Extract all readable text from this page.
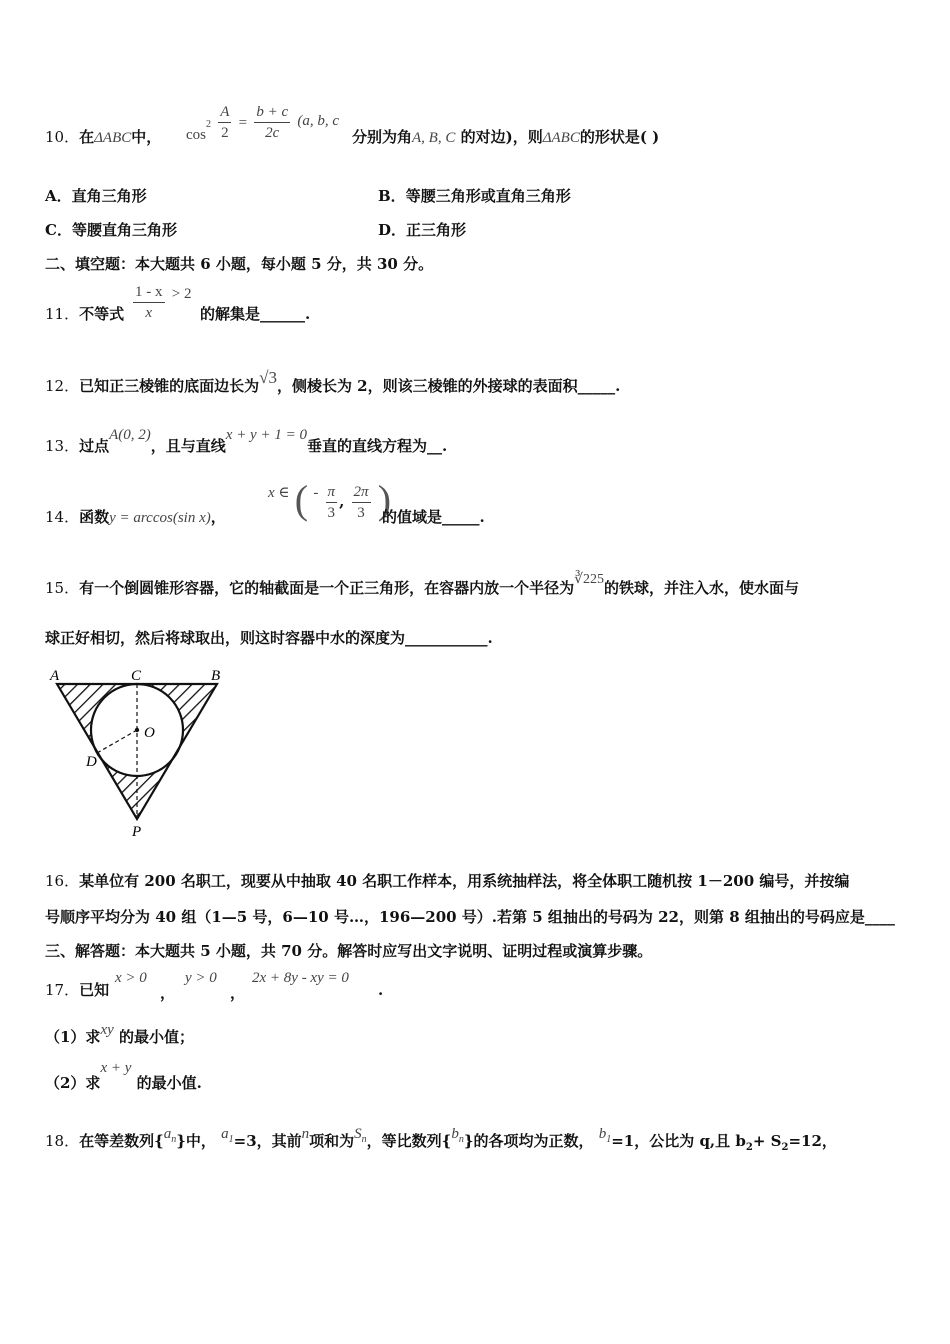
10．在ΔABC中， $\cos^2 \frac{A}{2} = \frac{b + c}{2c} (a$, b, c
分别为角A, B, C 的对边)，则ΔABC的形状是( )
A．直角三角形	B．等腰三角形或直角三角形
C．等腰直角三角形	D．正三角形
二、填空题：本大题共 6 小题，每小题 5 分，共 30 分。
11．不等式 $\frac{1 - x}{x} > 2$
的解集是______.
12．已知正三棱锥的底面边长为√3，侧棱长为 2，则该三棱锥的外接球的表面积_____.
13．过点A(0, 2)，且与直线x + y + 1 = 0垂直的直线方程为__.
14．函数y = arccos(sin x)，
x ∈ ( - $\frac{\pi}{3}$ , $\frac{2\pi}{3}$ )
的值域是_____.
15．有一个倒圆锥形容器，它的轴截面是一个正三角形，在容器内放一个半径为∛225的铁球，并注入水，使水面与
球正好相切，然后将球取出，则这时容器中水的深度为___________.
A	C	B
O
D
P
16．某单位有 200 名职工，现要从中抽取 40 名职工作样本，用系统抽样法，将全体职工随机按 1－200 编号，并按编
号顺序平均分为 40 组（1—5 号，6—10 号…，196—200 号）.若第 5 组抽出的号码为 22，则第 8 组抽出的号码应是____
三、解答题：本大题共 5 小题，共 70 分。解答时应写出文字说明、证明过程或演算步骤。
17．已知
x > 0
，
y > 0
，
2x + 8y - xy = 0
.
（1）求xy 的最小值；
（2）求x + y 的最小值.
18．在等差数列$\{a_n\}$中， $a_1=3$，其前n项和为$S_n$，等比数列$\{b_n\}$的各项均为正数， $b_1=1$，公比为 q,且 $b_2+ S_2=12$，
